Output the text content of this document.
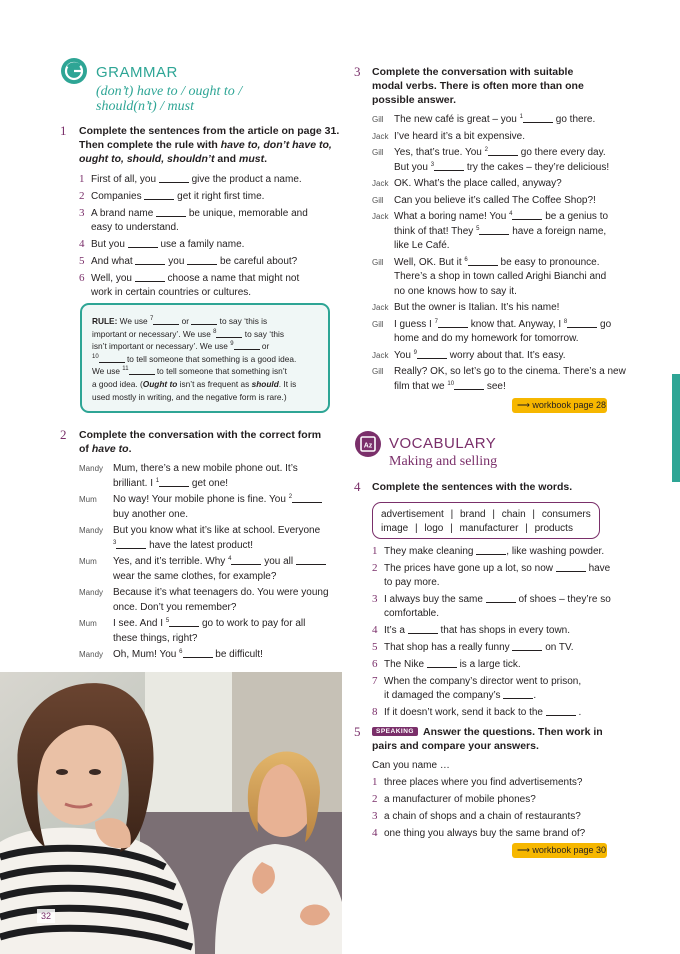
GRAMMAR
(don’t) have to / ought to /
should(n’t) / must
1 Complete the sentences from the article on page 31.
Then complete the rule with have to, don’t have to,
ought to, should, shouldn’t and must.
1 First of all, you	give the product a name.
2 Companies	get it right first time.
3 A brand name	be unique, memorable and
easy to understand.
4 But you	use a family name.
5 And what	you	be careful about?
6 Well, you	choose a name that might not
work in certain countries or cultures.
RULE: We use $^7$	or	to say ‘this is
important or necessary’. We use $^8$	to say ‘this
isn’t important or necessary’. We use $^9$	or
$^{10}$	to tell someone that something is a good idea.
We use $^{11}$	to tell someone that something isn’t
a good idea. (Ought to isn’t as frequent as should. It is
used mostly in writing, and the negative form is rare.)
2 Complete the conversation with the correct form
of have to.
Mandy Mum, there’s a new mobile phone out. It’s
brilliant. I $^1$	get one!
Mum No way! Your mobile phone is fine. You $^2$
buy another one.
Mandy But you know what it’s like at school. Everyone
$^3$	have the latest product!
Mum Yes, and it’s terrible. Why $^4$	you all
wear the same clothes, for example?
Mandy Because it’s what teenagers do. You were young
once. Don’t you remember?
Mum I see. And I $^5$	go to work to pay for all
these things, right?
Mandy Oh, Mum! You $^6$	be difficult!
32
3 Complete the conversation with suitable
modal verbs. There is often more than one
possible answer.
Gill The new café is great – you $^1$	go there.
Jack I’ve heard it’s a bit expensive.
Gill Yes, that’s true. You $^2$	go there every day.
But you $^3$	try the cakes – they’re delicious!
Jack OK. What’s the place called, anyway?
Gill Can you believe it’s called The Coffee Shop?!
Jack What a boring name! You $^4$	be a genius to
think of that! They $^5$	have a foreign name,
like Le Café.
Gill Well, OK. But it $^6$	be easy to pronounce.
There’s a shop in town called Arighi Bianchi and
no one knows how to say it.
Jack But the owner is Italian. It’s his name!
Gill I guess I $^7$	know that. Anyway, I $^8$	go
home and do my homework for tomorrow.
Jack You $^9$	worry about that. It’s easy.
Gill Really? OK, so let’s go to the cinema. There’s a new
film that we $^{10}$	see!
⟶ workbook page 28
Az VOCABULARY
Making and selling
4 Complete the sentences with the words.
advertisement | brand | chain | consumers
image | logo | manufacturer | products
1 They make cleaning	, like washing powder.
2 The prices have gone up a lot, so now	have
to pay more.
3 I always buy the same	of shoes – they’re so
comfortable.
4 It’s a	that has shops in every town.
5 That shop has a really funny	on TV.
6 The Nike	is a large tick.
7 When the company’s director went to prison,
it damaged the company’s	.
8 If it doesn’t work, send it back to the	.
5	SPEAKING Answer the questions. Then work in
pairs and compare your answers.
Can you name …
1 three places where you find advertisements?
2 a manufacturer of mobile phones?
3 a chain of shops and a chain of restaurants?
4 one thing you always buy the same brand of?
⟶ workbook page 30
